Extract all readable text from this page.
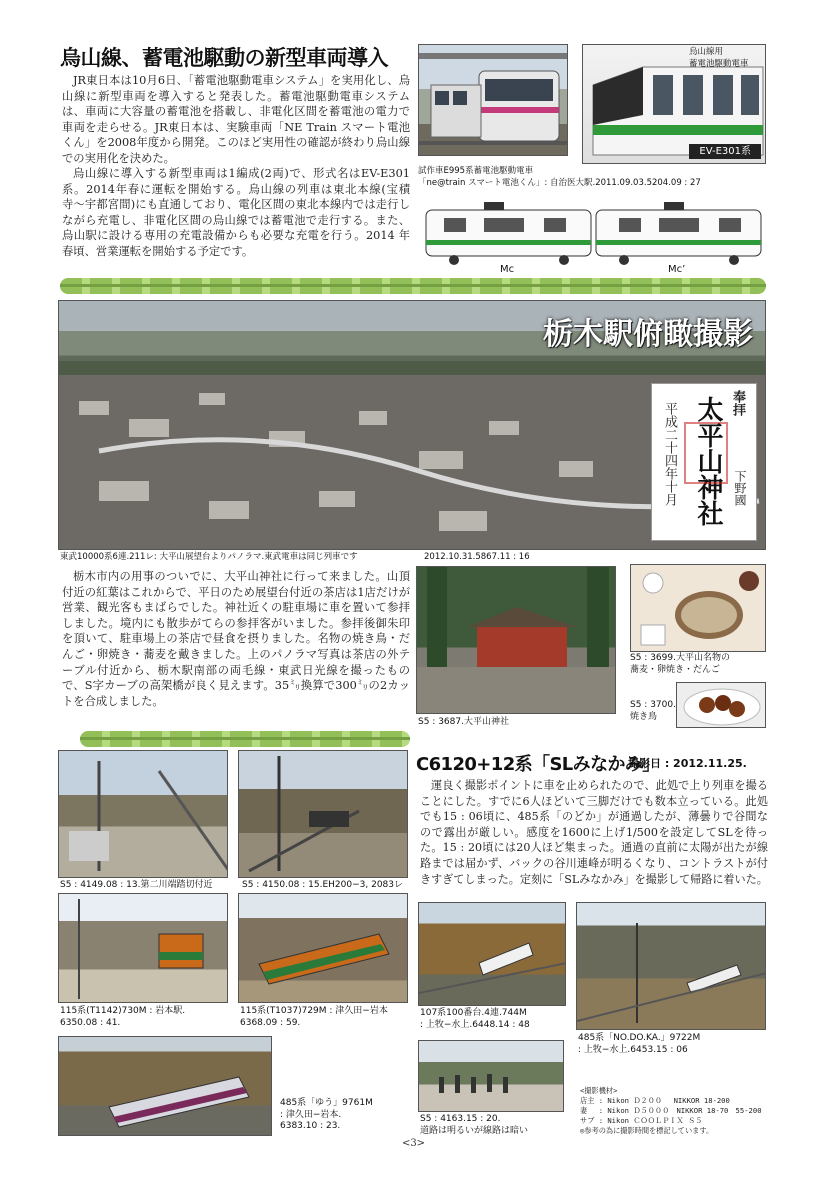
烏山線、蓄電池駆動の新型車両導入
JR東日本は10月6日、「蓄電池駆動電車システム」を実用化し、烏山線に新型車両を導入すると発表した。蓄電池駆動電車システムは、車両に大容量の蓄電池を搭載し、非電化区間を蓄電池の電力で車両を走らせる。JR東日本は、実験車両「NE Train スマート電池くん」を2008年度から開発。このほど実用性の確認が終わり烏山線での実用化を決めた。
烏山線に導入する新型車両は1編成(2両)で、形式名はEV-E301系。2014年春に運転を開始する。烏山線の列車は東北本線(宝積寺〜宇都宮間)にも直通しており、電化区間の東北本線内では走行しながら充電し、非電化区間の烏山線では蓄電池で走行する。また、烏山駅に設ける専用の充電設備からも必要な充電を行う。2014 年春頃、営業運転を開始する予定です。
試作車E995系蓄電池駆動電車
「ne@train スマート電池くん」: 自治医大駅.2011.09.03.5204.09 : 27
烏山線用
蓄電池駆動電車
EV-E301系
Mc	Mc’
栃木駅俯瞰撮影
奉拝
太平山神社
平成二十四年十月	下野國
東武10000系6連.211レ: 大平山展望台よりパノラマ.東武電車は同じ列車です	2012.10.31.5867.11 : 16
栃木市内の用事のついでに、大平山神社に行って来ました。山頂付近の紅葉はこれからで、平日のため展望台付近の茶店は1店だけが営業、観光客もまばらでした。神社近くの駐車場に車を置いて参拝しました。境内にも散歩がてらの参拝客がいました。参拝後御朱印を頂いて、駐車場上の茶店で昼食を摂りました。名物の焼き鳥・だんご・卵焼き・蕎麦を戴きました。上のパノラマ写真は茶店の外テーブル付近から、栃木駅南部の両毛線・東武日光線を撮ったもので、S字カーブの高架橋が良く見えます。35㍉換算で300㍉の2カットを合成しました。
S5 : 3687.大平山神社
S5 : 3699.大平山名物の
蕎麦・卵焼き・だんご
S5 : 3700.
焼き鳥
C6120+12系「SLみなかみ」
撮影日 : 2012.11.25.
運良く撮影ポイントに車を止められたので、此処で上り列車を撮ることにした。すでに6人ほどいて三脚だけでも数本立っている。此処でも15 : 06頃に、485系「のどか」が通過したが、薄曇りで谷間なので露出が厳しい。感度を1600に上げ1/500を設定してSLを待った。15 : 20頃には20人ほど集まった。通過の直前に太陽が出たが線路までは届かず、バックの谷川連峰が明るくなり、コントラストが付きすぎてしまった。定刻に「SLみなかみ」を撮影して帰路に着いた。
S5 : 4149.08 : 13.第二川端踏切付近	S5 : 4150.08 : 15.EH200−3, 2083レ
115系(T1142)730M : 岩本駅.
6350.08 : 41.
115系(T1037)729M : 津久田−岩本
6368.09 : 59.
107系100番台.4連.744M
: 上牧−水上.6448.14 : 48
485系「NO.DO.KA.」9722M
: 上牧−水上.6453.15 : 06
485系「ゆう」9761M
: 津久田−岩本.
6383.10 : 23.
S5 : 4163.15 : 20.
道路は明るいが線路は暗い
<撮影機材>
店主 : Nikon Ｄ２００　 NIKKOR 18-200
妻　 : Nikon Ｄ５０００　NIKKOR 18-70　55-200
サブ : Nikon ＣＯＯＬＰＩＸ Ｓ５
◎参考の為に撮影時間を標記しています。
<3>
